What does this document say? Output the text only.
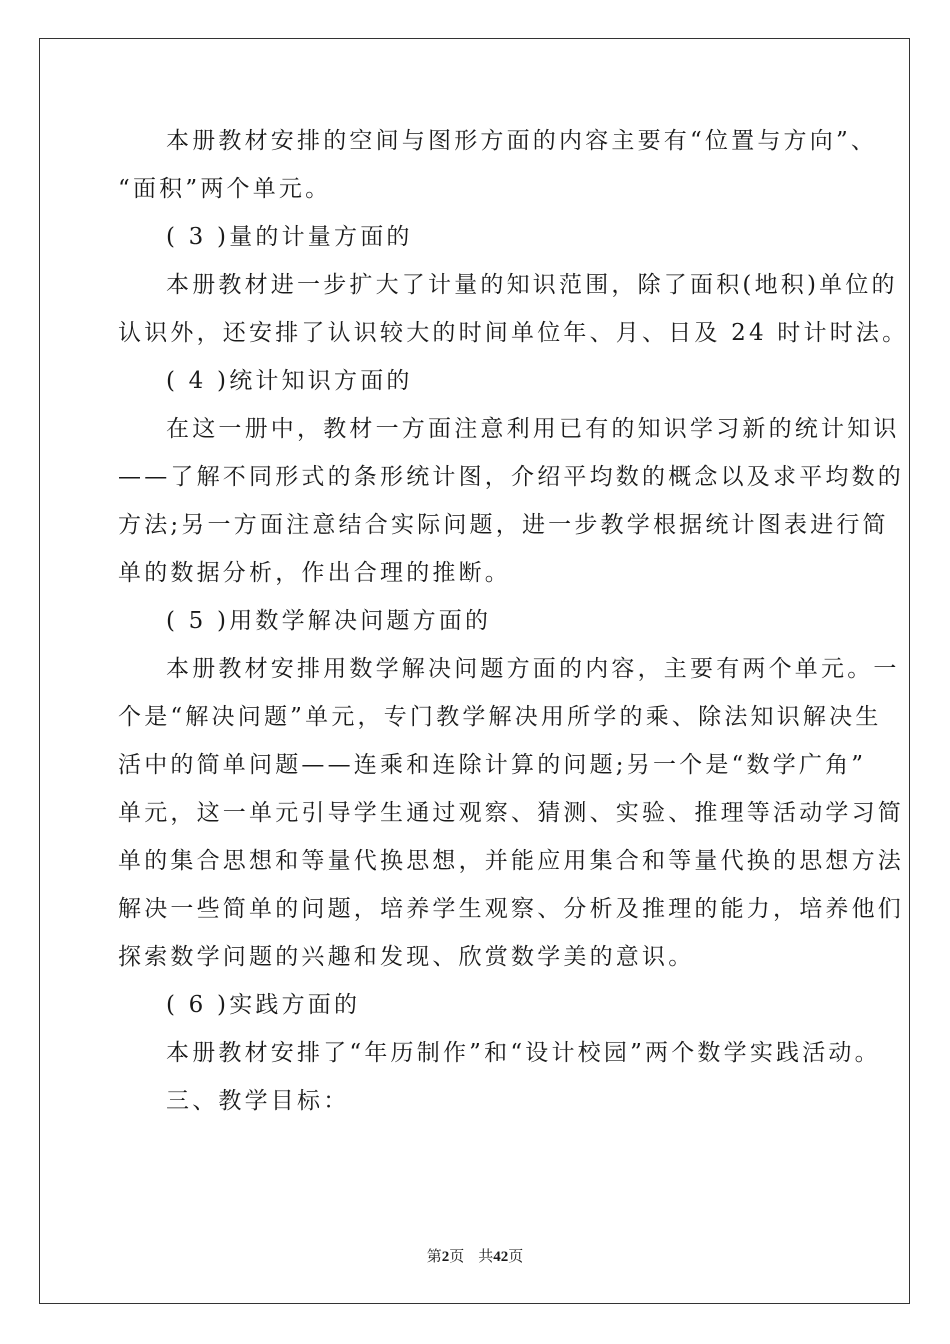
本册教材安排的空间与图形方面的内容主要有“位置与方向”、
“面积”两个单元。
( 3 )量的计量方面的
本册教材进一步扩大了计量的知识范围，除了面积(地积)单位的
认识外，还安排了认识较大的时间单位年、月、日及 24 时计时法。
( 4 )统计知识方面的
在这一册中，教材一方面注意利用已有的知识学习新的统计知识
——了解不同形式的条形统计图，介绍平均数的概念以及求平均数的
方法;另一方面注意结合实际问题，进一步教学根据统计图表进行简
单的数据分析，作出合理的推断。
( 5 )用数学解决问题方面的
本册教材安排用数学解决问题方面的内容，主要有两个单元。一
个是“解决问题”单元，专门教学解决用所学的乘、除法知识解决生
活中的简单问题——连乘和连除计算的问题;另一个是“数学广角”
单元，这一单元引导学生通过观察、猜测、实验、推理等活动学习简
单的集合思想和等量代换思想，并能应用集合和等量代换的思想方法
解决一些简单的问题，培养学生观察、分析及推理的能力，培养他们
探索数学问题的兴趣和发现、欣赏数学美的意识。
( 6 )实践方面的
本册教材安排了“年历制作”和“设计校园”两个数学实践活动。
三、教学目标：
第2页 共42页
